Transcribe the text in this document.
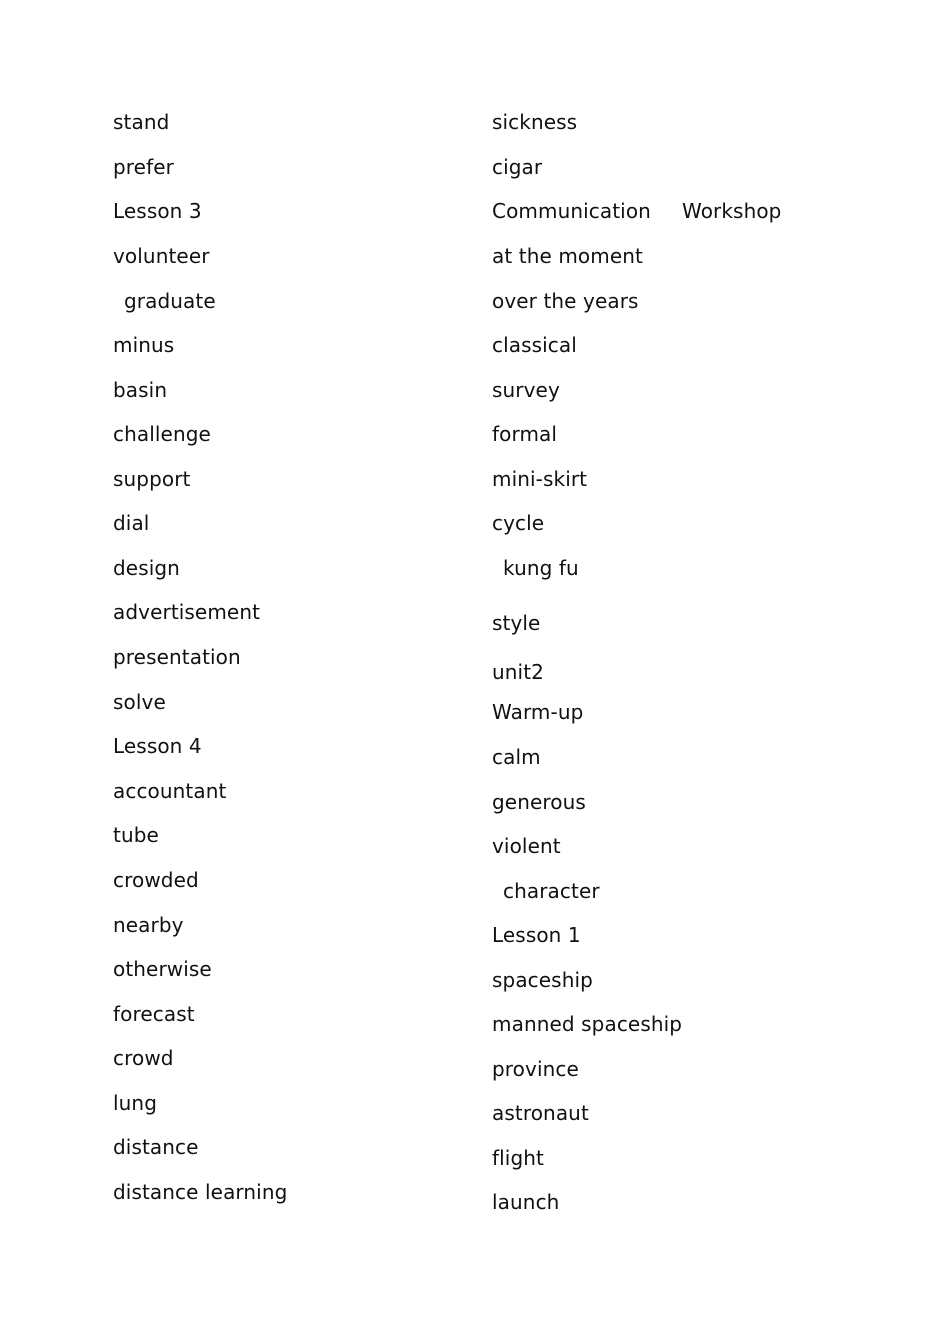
stand
prefer
Lesson 3
volunteer
graduate
minus
basin
challenge
support
dial
design
advertisement
presentation
solve
Lesson 4
accountant
tube
crowded
nearby
otherwise
forecast
crowd
lung
distance
distance learning
sickness
cigar
Communication Workshop
at the moment
over the years
classical
survey
formal
mini-skirt
cycle
kung fu
style
unit2
Warm-up
calm
generous
violent
character
Lesson 1
spaceship
manned spaceship
province
astronaut
flight
launch
